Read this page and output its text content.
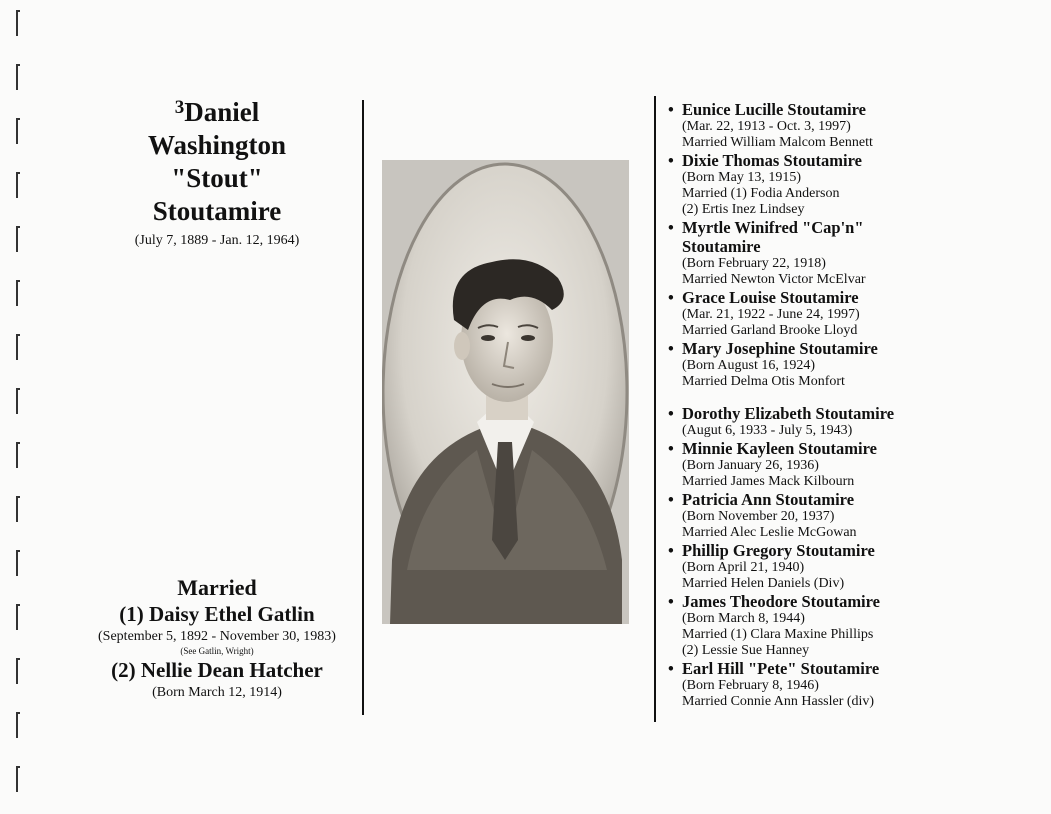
$^3$Daniel
Washington
"Stout"
Stoutamire
(July 7, 1889 - Jan. 12, 1964)
Married
(1) Daisy Ethel Gatlin
(September 5, 1892 - November 30, 1983)
(See Gatlin, Wright)
(2) Nellie Dean Hatcher
(Born March 12, 1914)
• Eunice Lucille Stoutamire
(Mar. 22, 1913 - Oct. 3, 1997)
Married William Malcom Bennett
• Dixie Thomas Stoutamire
(Born May 13, 1915)
Married (1) Fodia Anderson
(2) Ertis Inez Lindsey
• Myrtle Winifred "Cap'n" Stoutamire
(Born February 22, 1918)
Married Newton Victor McElvar
• Grace Louise Stoutamire
(Mar. 21, 1922 - June 24, 1997)
Married Garland Brooke Lloyd
• Mary Josephine Stoutamire
(Born August 16, 1924)
Married Delma Otis Monfort
• Dorothy Elizabeth Stoutamire
(Augut 6, 1933 - July 5, 1943)
• Minnie Kayleen Stoutamire
(Born January 26, 1936)
Married James Mack Kilbourn
• Patricia Ann Stoutamire
(Born November 20, 1937)
Married Alec Leslie McGowan
• Phillip Gregory Stoutamire
(Born April 21, 1940)
Married Helen Daniels (Div)
• James Theodore Stoutamire
(Born March 8, 1944)
Married (1) Clara Maxine Phillips
(2) Lessie Sue Hanney
• Earl Hill "Pete" Stoutamire
(Born February 8, 1946)
Married Connie Ann Hassler (div)
